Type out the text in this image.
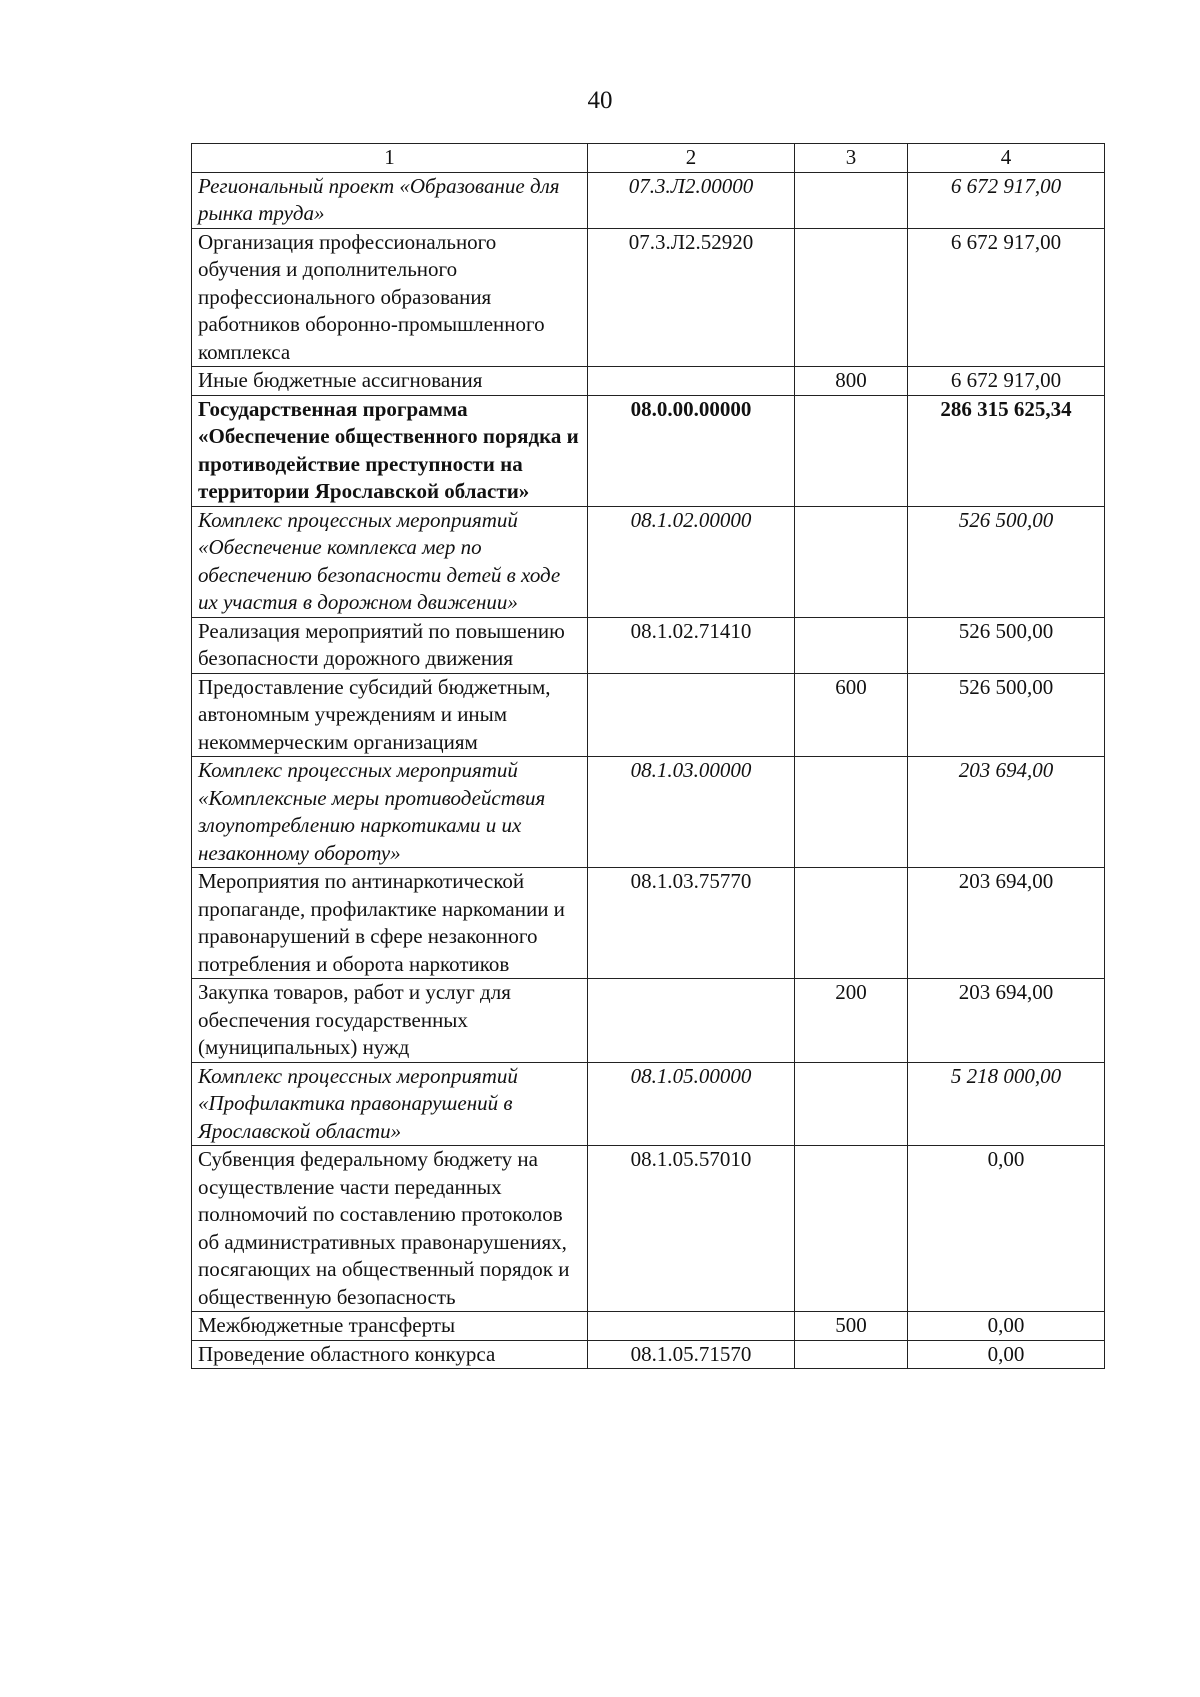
40
1	2	3	4
Региональный проект «Образование для рынка труда»	07.3.Л2.00000		6 672 917,00
Организация профессионального обучения и дополнительного профессионального образования работников оборонно-промышленного комплекса	07.3.Л2.52920		6 672 917,00
Иные бюджетные ассигнования		800	6 672 917,00
Государственная программа «Обеспечение общественного порядка и противодействие преступности на территории Ярославской области»	08.0.00.00000		286 315 625,34
Комплекс процессных мероприятий «Обеспечение комплекса мер по обеспечению безопасности детей в ходе их участия в дорожном движении»	08.1.02.00000		526 500,00
Реализация мероприятий по повышению безопасности дорожного движения	08.1.02.71410		526 500,00
Предоставление субсидий бюджетным, автономным учреждениям и иным некоммерческим организациям		600	526 500,00
Комплекс процессных мероприятий «Комплексные меры противодействия злоупотреблению наркотиками и их незаконному обороту»	08.1.03.00000		203 694,00
Мероприятия по антинаркотической пропаганде, профилактике наркомании и правонарушений в сфере незаконного потребления и оборота наркотиков	08.1.03.75770		203 694,00
Закупка товаров, работ и услуг для обеспечения государственных (муниципальных) нужд		200	203 694,00
Комплекс процессных мероприятий «Профилактика правонарушений в Ярославской области»	08.1.05.00000		5 218 000,00
Субвенция федеральному бюджету на осуществление части переданных полномочий по составлению протоколов об административных правонарушениях, посягающих на общественный порядок и общественную безопасность	08.1.05.57010		0,00
Межбюджетные трансферты		500	0,00
Проведение областного конкурса	08.1.05.71570		0,00
